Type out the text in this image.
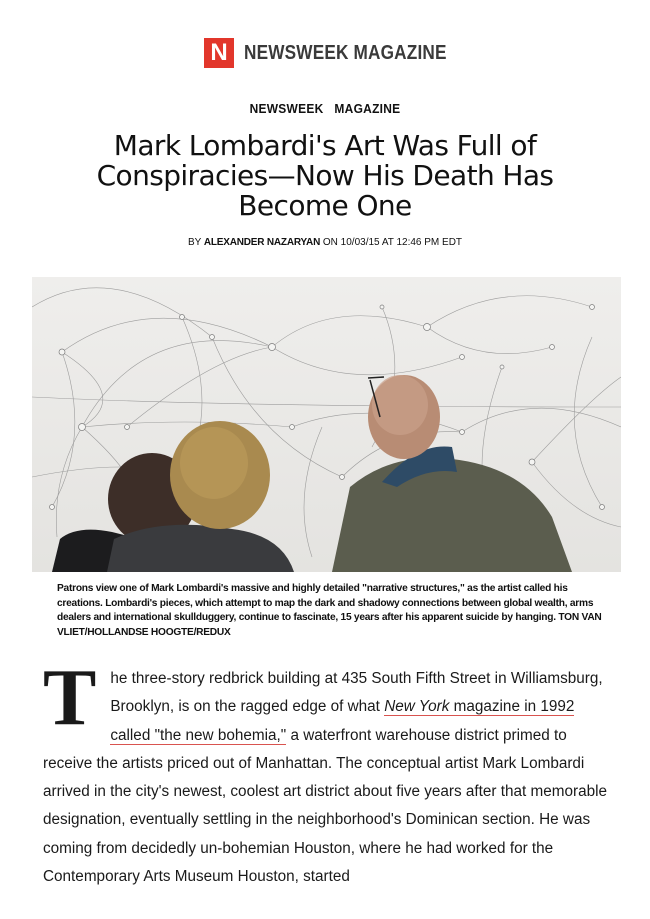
N NEWSWEEK MAGAZINE
NEWSWEEK  MAGAZINE
Mark Lombardi's Art Was Full of Conspiracies—Now His Death Has Become One
BY ALEXANDER NAZARYAN ON 10/03/15 AT 12:46 PM EDT
Patrons view one of Mark Lombardi's massive and highly detailed "narrative structures," as the artist called his creations. Lombardi's pieces, which attempt to map the dark and shadowy connections between global wealth, arms dealers and international skullduggery, continue to fascinate, 15 years after his apparent suicide by hanging. TON VAN VLIET/HOLLANDSE HOOGTE/REDUX
T he three-story redbrick building at 435 South Fifth Street in Williamsburg, Brooklyn, is on the ragged edge of what New York magazine in 1992 called "the new bohemia," a waterfront warehouse district primed to receive the artists priced out of Manhattan. The conceptual artist Mark Lombardi arrived in the city's newest, coolest art district about five years after that memorable designation, eventually settling in the neighborhood's Dominican section. He was coming from decidedly un-bohemian Houston, where he had worked for the Contemporary Arts Museum Houston, started
